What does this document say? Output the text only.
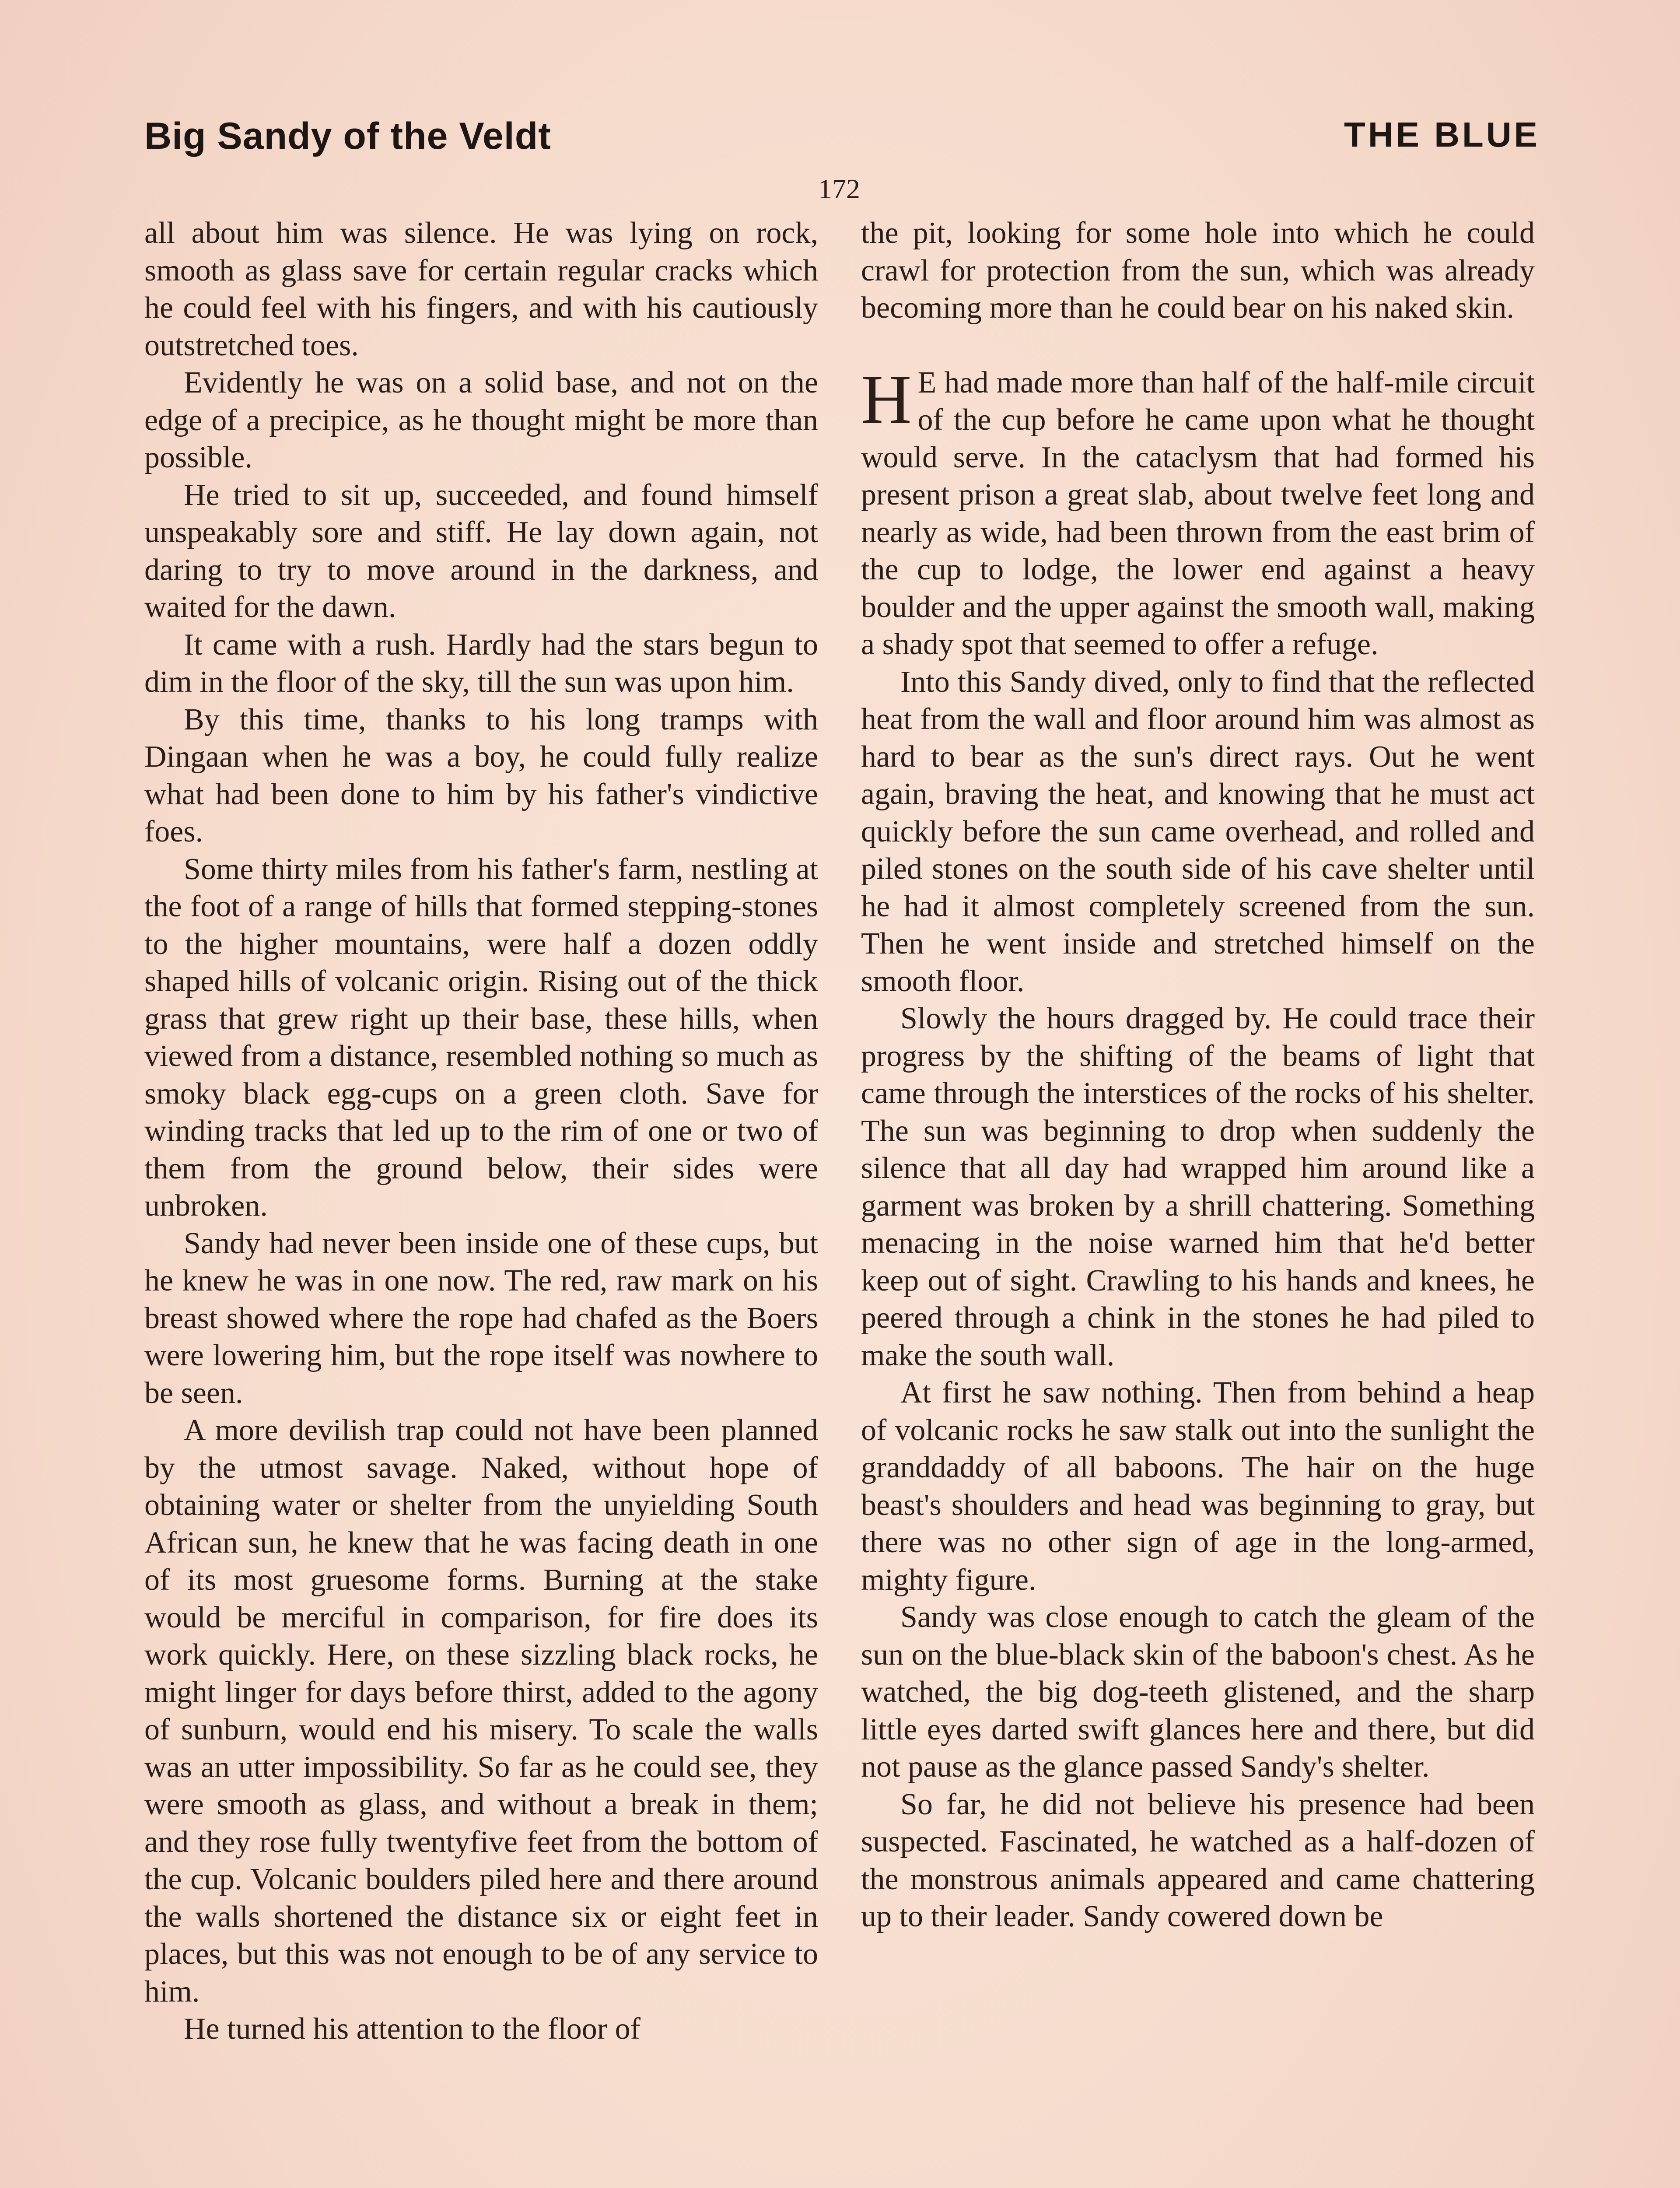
Big Sandy of the Veldt	THE BLUE
172

all about him was silence. He was lying on rock, smooth as glass save for certain regular cracks which he could feel with his fingers, and with his cautiously outstretched toes.

Evidently he was on a solid base, and not on the edge of a precipice, as he thought might be more than possible.

He tried to sit up, succeeded, and found himself unspeakably sore and stiff. He lay down again, not daring to try to move around in the darkness, and waited for the dawn.

It came with a rush. Hardly had the stars begun to dim in the floor of the sky, till the sun was upon him.

By this time, thanks to his long tramps with Dingaan when he was a boy, he could fully realize what had been done to him by his father's vindictive foes.

Some thirty miles from his father's farm, nestling at the foot of a range of hills that formed stepping-stones to the higher mountains, were half a dozen oddly shaped hills of volcanic origin. Rising out of the thick grass that grew right up their base, these hills, when viewed from a distance, resembled nothing so much as smoky black egg-cups on a green cloth. Save for winding tracks that led up to the rim of one or two of them from the ground below, their sides were unbroken.

Sandy had never been inside one of these cups, but he knew he was in one now. The red, raw mark on his breast showed where the rope had chafed as the Boers were lowering him, but the rope itself was nowhere to be seen.

A more devilish trap could not have been planned by the utmost savage. Naked, without hope of obtaining water or shelter from the unyielding South African sun, he knew that he was facing death in one of its most gruesome forms. Burning at the stake would be merciful in comparison, for fire does its work quickly. Here, on these sizzling black rocks, he might linger for days before thirst, added to the agony of sunburn, would end his misery. To scale the walls was an utter impossibility. So far as he could see, they were smooth as glass, and without a break in them; and they rose fully twentyfive feet from the bottom of the cup. Volcanic boulders piled here and there around the walls shortened the distance six or eight feet in places, but this was not enough to be of any service to him.

He turned his attention to the floor of

the pit, looking for some hole into which he could crawl for protection from the sun, which was already becoming more than he could bear on his naked skin.

H E had made more than half of the half-mile circuit of the cup before he came upon what he thought would serve. In the cataclysm that had formed his present prison a great slab, about twelve feet long and nearly as wide, had been thrown from the east brim of the cup to lodge, the lower end against a heavy boulder and the upper against the smooth wall, making a shady spot that seemed to offer a refuge.

Into this Sandy dived, only to find that the reflected heat from the wall and floor around him was almost as hard to bear as the sun's direct rays. Out he went again, braving the heat, and knowing that he must act quickly before the sun came overhead, and rolled and piled stones on the south side of his cave shelter until he had it almost completely screened from the sun. Then he went inside and stretched himself on the smooth floor.

Slowly the hours dragged by. He could trace their progress by the shifting of the beams of light that came through the interstices of the rocks of his shelter. The sun was beginning to drop when suddenly the silence that all day had wrapped him around like a garment was broken by a shrill chattering. Something menacing in the noise warned him that he'd better keep out of sight. Crawling to his hands and knees, he peered through a chink in the stones he had piled to make the south wall.

At first he saw nothing. Then from behind a heap of volcanic rocks he saw stalk out into the sunlight the granddaddy of all baboons. The hair on the huge beast's shoulders and head was beginning to gray, but there was no other sign of age in the long-armed, mighty figure.

Sandy was close enough to catch the gleam of the sun on the blue-black skin of the baboon's chest. As he watched, the big dog-teeth glistened, and the sharp little eyes darted swift glances here and there, but did not pause as the glance passed Sandy's shelter.

So far, he did not believe his presence had been suspected. Fascinated, he watched as a half-dozen of the monstrous animals appeared and came chattering up to their leader. Sandy cowered down be
